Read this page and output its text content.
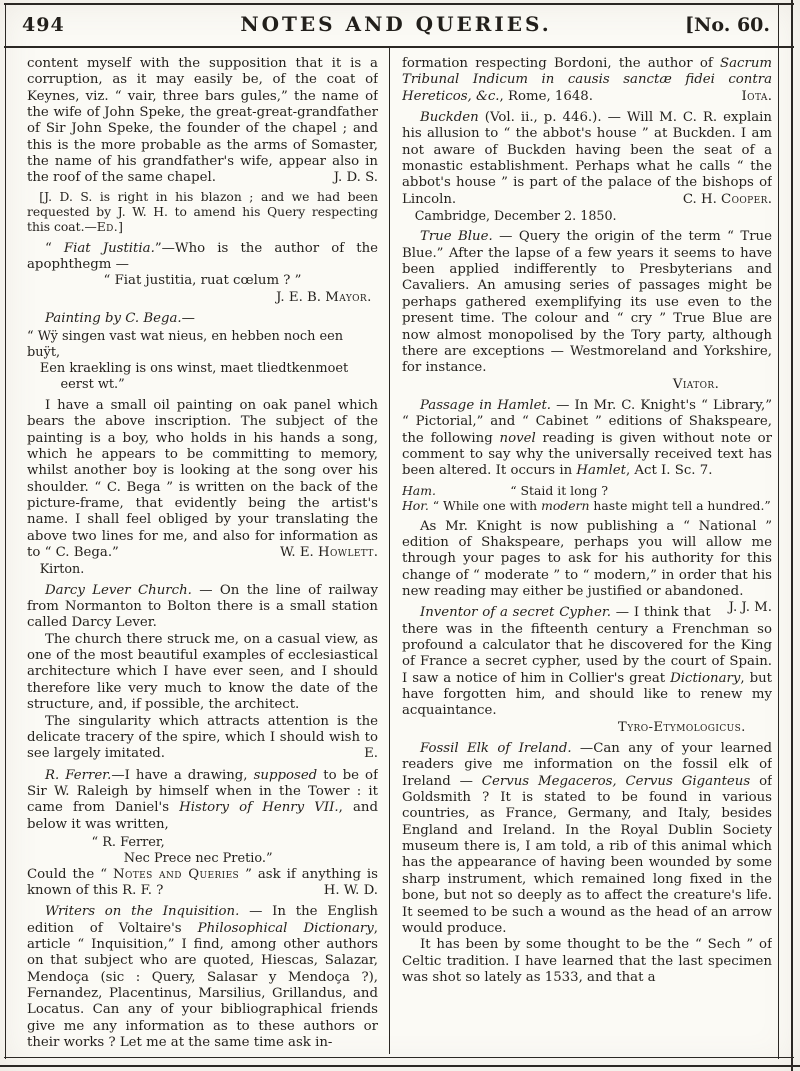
494	NOTES AND QUERIES.	[No. 60.
content myself with the supposition that it is a corruption, as it may easily be, of the coat of Keynes, viz. “ vair, three bars gules,” the name of the wife of John Speke, the great-great-grandfather of Sir John Speke, the founder of the chapel ; and this is the more probable as the arms of Somaster, the name of his grandfather's wife, appear also in the roof of the same chapel.	J. D. S.
[J. D. S. is right in his blazon ; and we had been requested by J. W. H. to amend his Query respecting this coat.—Ed.]
“ Fiat Justitia.”—Who is the author of the apophthegm —
“ Fiat justitia, ruat cœlum ? ”
J. E. B. Mayor.
Painting by C. Bega.—
“ Wÿ singen vast wat nieus, en hebben noch een buÿt,
Een kraekling is ons winst, maet tliedtkenmoet
eerst wt.”
I have a small oil painting on oak panel which bears the above inscription. The subject of the painting is a boy, who holds in his hands a song, which he appears to be committing to memory, whilst another boy is looking at the song over his shoulder. “ C. Bega ” is written on the back of the picture-frame, that evidently being the artist's name. I shall feel obliged by your translating the above two lines for me, and also for information as to “ C. Bega.”	W. E. Howlett.
Kirton.
Darcy Lever Church. — On the line of railway from Normanton to Bolton there is a small station called Darcy Lever.
The church there struck me, on a casual view, as one of the most beautiful examples of ecclesiastical architecture which I have ever seen, and I should therefore like very much to know the date of the structure, and, if possible, the architect.
The singularity which attracts attention is the delicate tracery of the spire, which I should wish to see largely imitated.	E.
R. Ferrer.—I have a drawing, supposed to be of Sir W. Raleigh by himself when in the Tower : it came from Daniel's History of Henry VII., and below it was written,
“ R. Ferrer,
Nec Prece nec Pretio.”
Could the “ Notes and Queries ” ask if anything is known of this R. F. ?	H. W. D.
Writers on the Inquisition. — In the English edition of Voltaire's Philosophical Dictionary, article “ Inquisition,” I find, among other authors on that subject who are quoted, Hiescas, Salazar, Mendoça (sic : Query, Salasar y Mendoça ?), Fernandez, Placentinus, Marsilius, Grillandus, and Locatus. Can any of your bibliographical friends give me any information as to these authors or their works ? Let me at the same time ask in-
formation respecting Bordoni, the author of Sacrum Tribunal Indicum in causis sanctæ fidei contra Hereticos, &c., Rome, 1648.	Iota.
Buckden (Vol. ii., p. 446.). — Will M. C. R. explain his allusion to “ the abbot's house ” at Buckden. I am not aware of Buckden having been the seat of a monastic establishment. Perhaps what he calls “ the abbot's house ” is part of the palace of the bishops of Lincoln.	C. H. Cooper.
Cambridge, December 2. 1850.
True Blue. — Query the origin of the term “ True Blue.” After the lapse of a few years it seems to have been applied indifferently to Presbyterians and Cavaliers. An amusing series of passages might be perhaps gathered exemplifying its use even to the present time. The colour and “ cry ” True Blue are now almost monopolised by the Tory party, although there are exceptions — Westmoreland and Yorkshire, for instance.
Viator.
Passage in Hamlet. — In Mr. C. Knight's “ Library,” “ Pictorial,” and “ Cabinet ” editions of Shakspeare, the following novel reading is given without note or comment to say why the universally received text has been altered. It occurs in Hamlet, Act I. Sc. 7.
Ham.	“ Staid it long ?
Hor. “ While one with modern haste might tell a hundred.”
As Mr. Knight is now publishing a “ National ” edition of Shakspeare, perhaps you will allow me through your pages to ask for his authority for this change of “ moderate ” to “ modern,” in order that his new reading may either be justified or abandoned.
J. J. M.
Inventor of a secret Cypher. — I think that there was in the fifteenth century a Frenchman so profound a calculator that he discovered for the King of France a secret cypher, used by the court of Spain. I saw a notice of him in Collier's great Dictionary, but have forgotten him, and should like to renew my acquaintance.
Tyro-Etymologicus.
Fossil Elk of Ireland. —Can any of your learned readers give me information on the fossil elk of Ireland — Cervus Megaceros, Cervus Giganteus of Goldsmith ? It is stated to be found in various countries, as France, Germany, and Italy, besides England and Ireland. In the Royal Dublin Society museum there is, I am told, a rib of this animal which has the appearance of having been wounded by some sharp instrument, which remained long fixed in the bone, but not so deeply as to affect the creature's life. It seemed to be such a wound as the head of an arrow would produce.
It has been by some thought to be the “ Sech ” of Celtic tradition. I have learned that the last specimen was shot so lately as 1533, and that a
